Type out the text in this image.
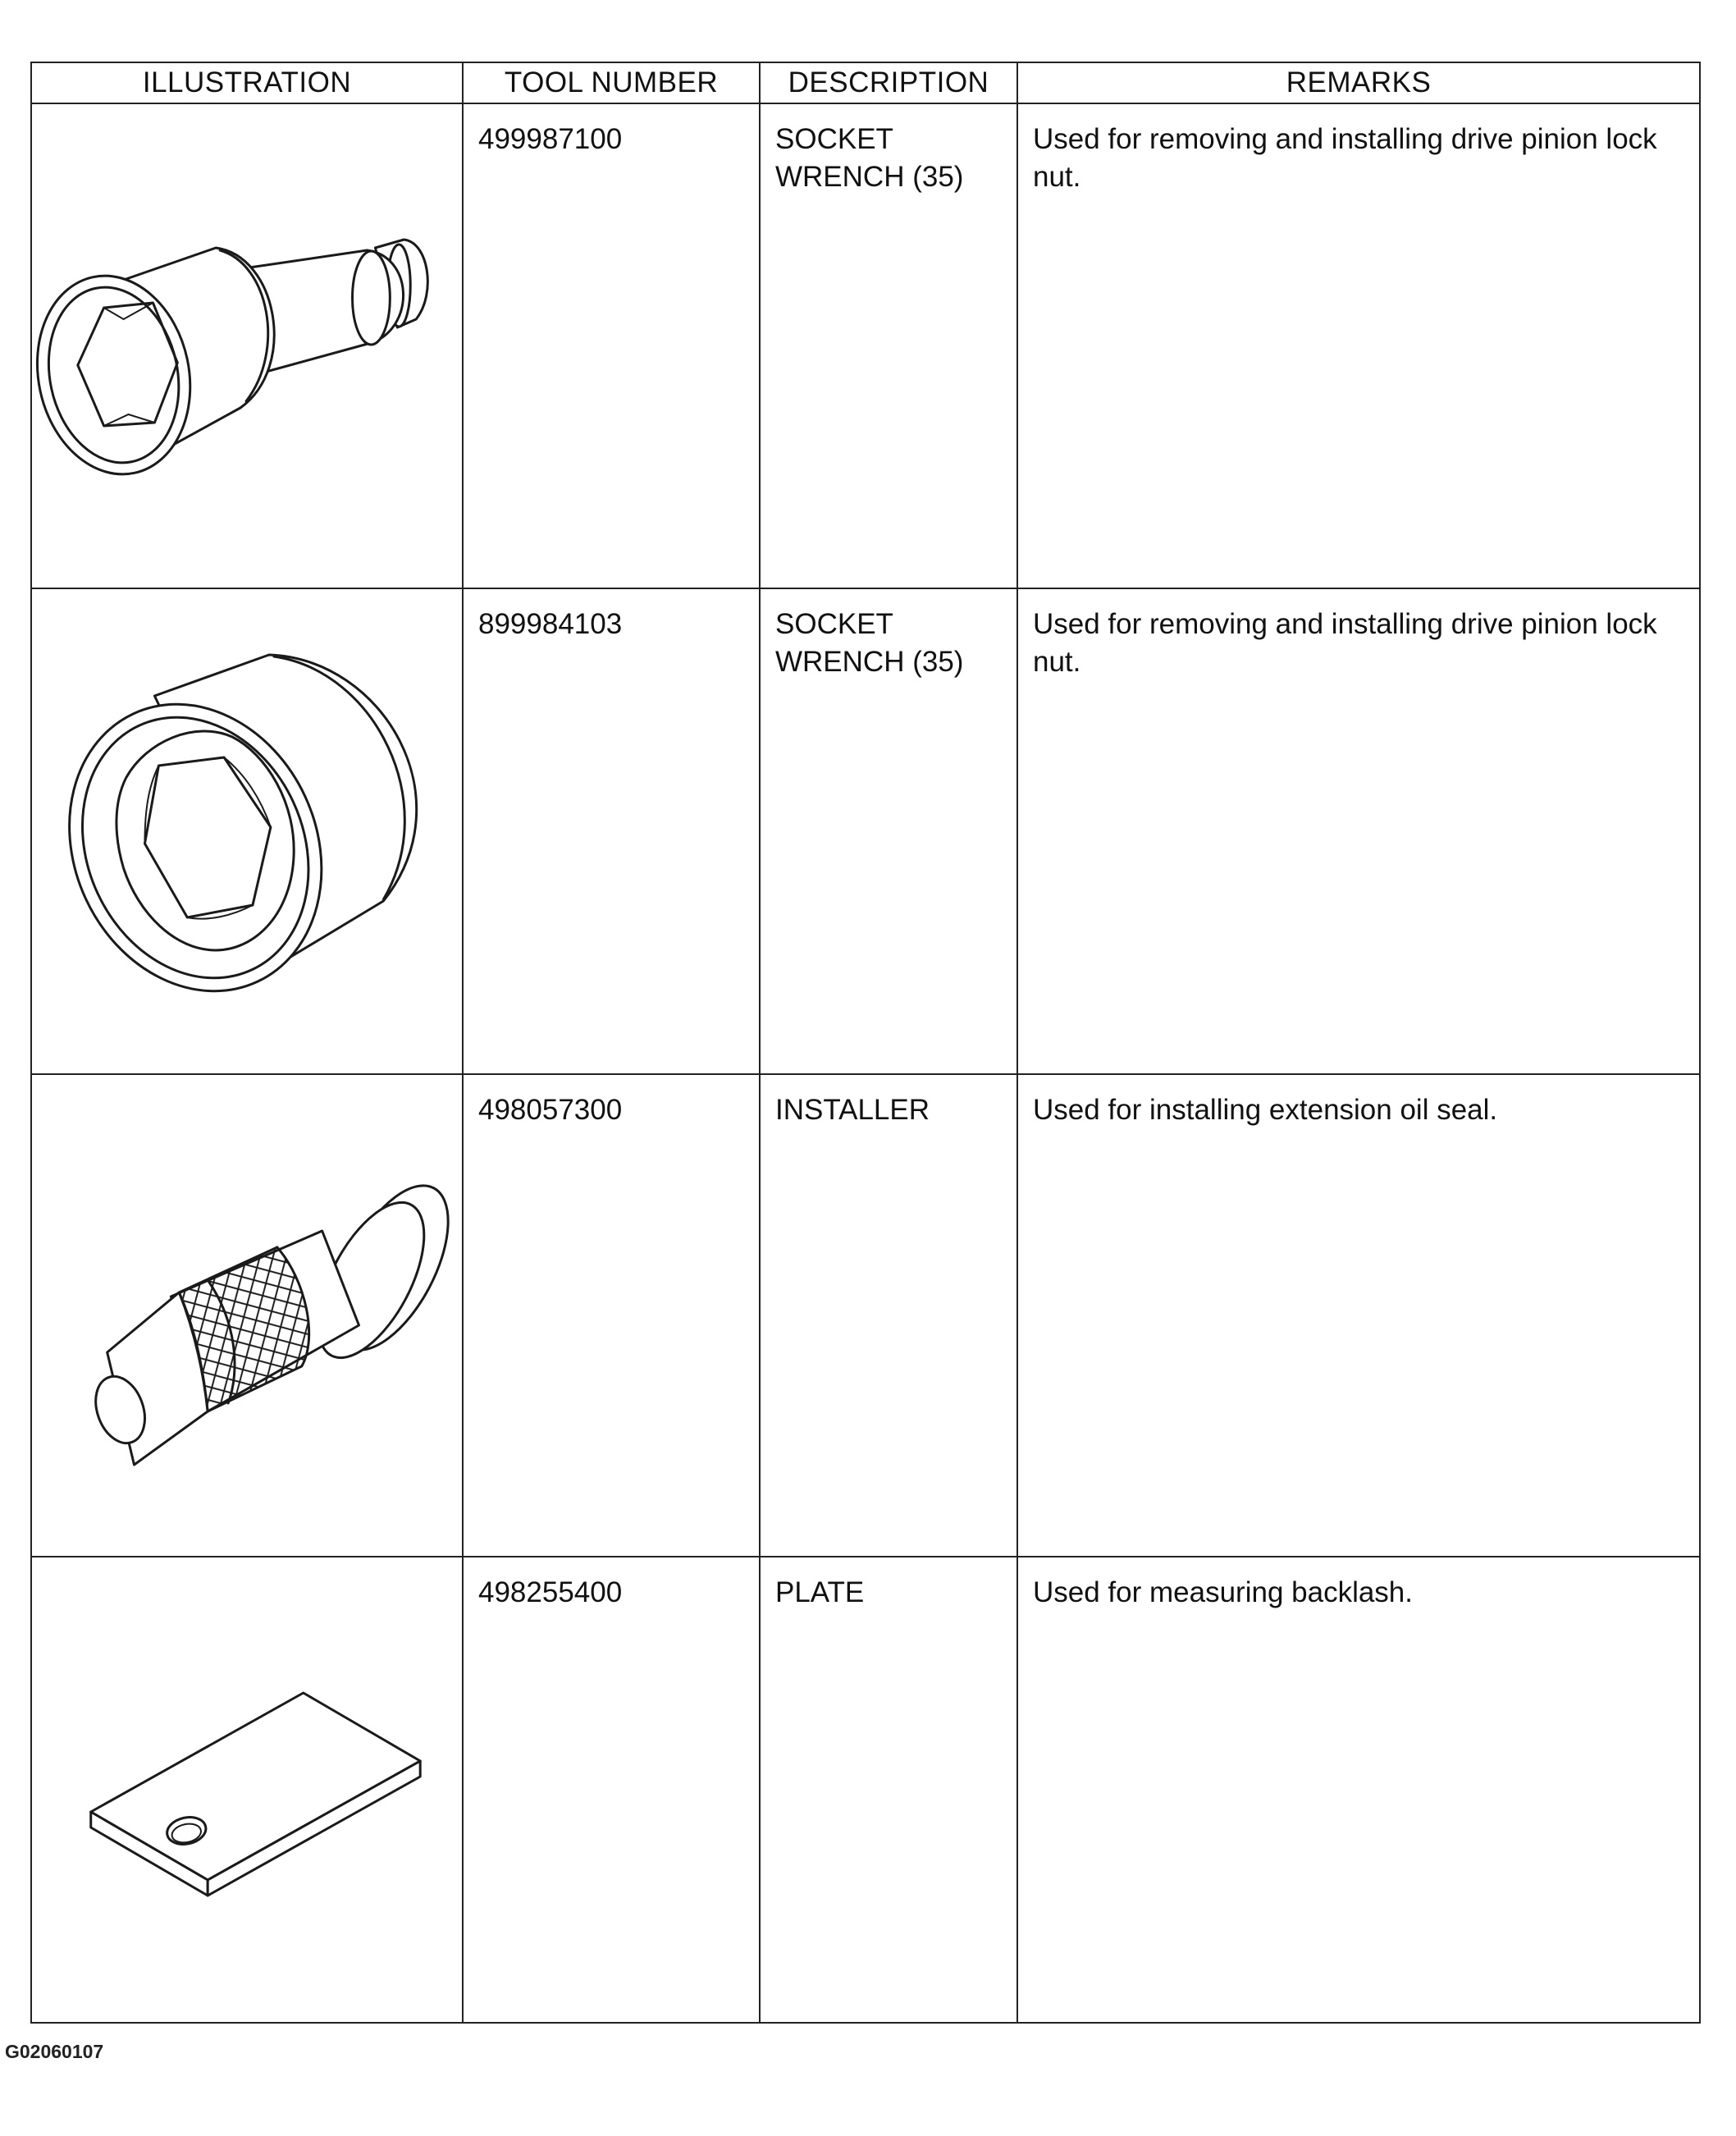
ILLUSTRATION	TOOL NUMBER	DESCRIPTION	REMARKS

499987100	SOCKET WRENCH (35)	Used for removing and installing drive pinion lock nut.

899984103	SOCKET WRENCH (35)	Used for removing and installing drive pinion lock nut.

498057300	INSTALLER	Used for installing extension oil seal.

498255400	PLATE	Used for measuring backlash.
G02060107
